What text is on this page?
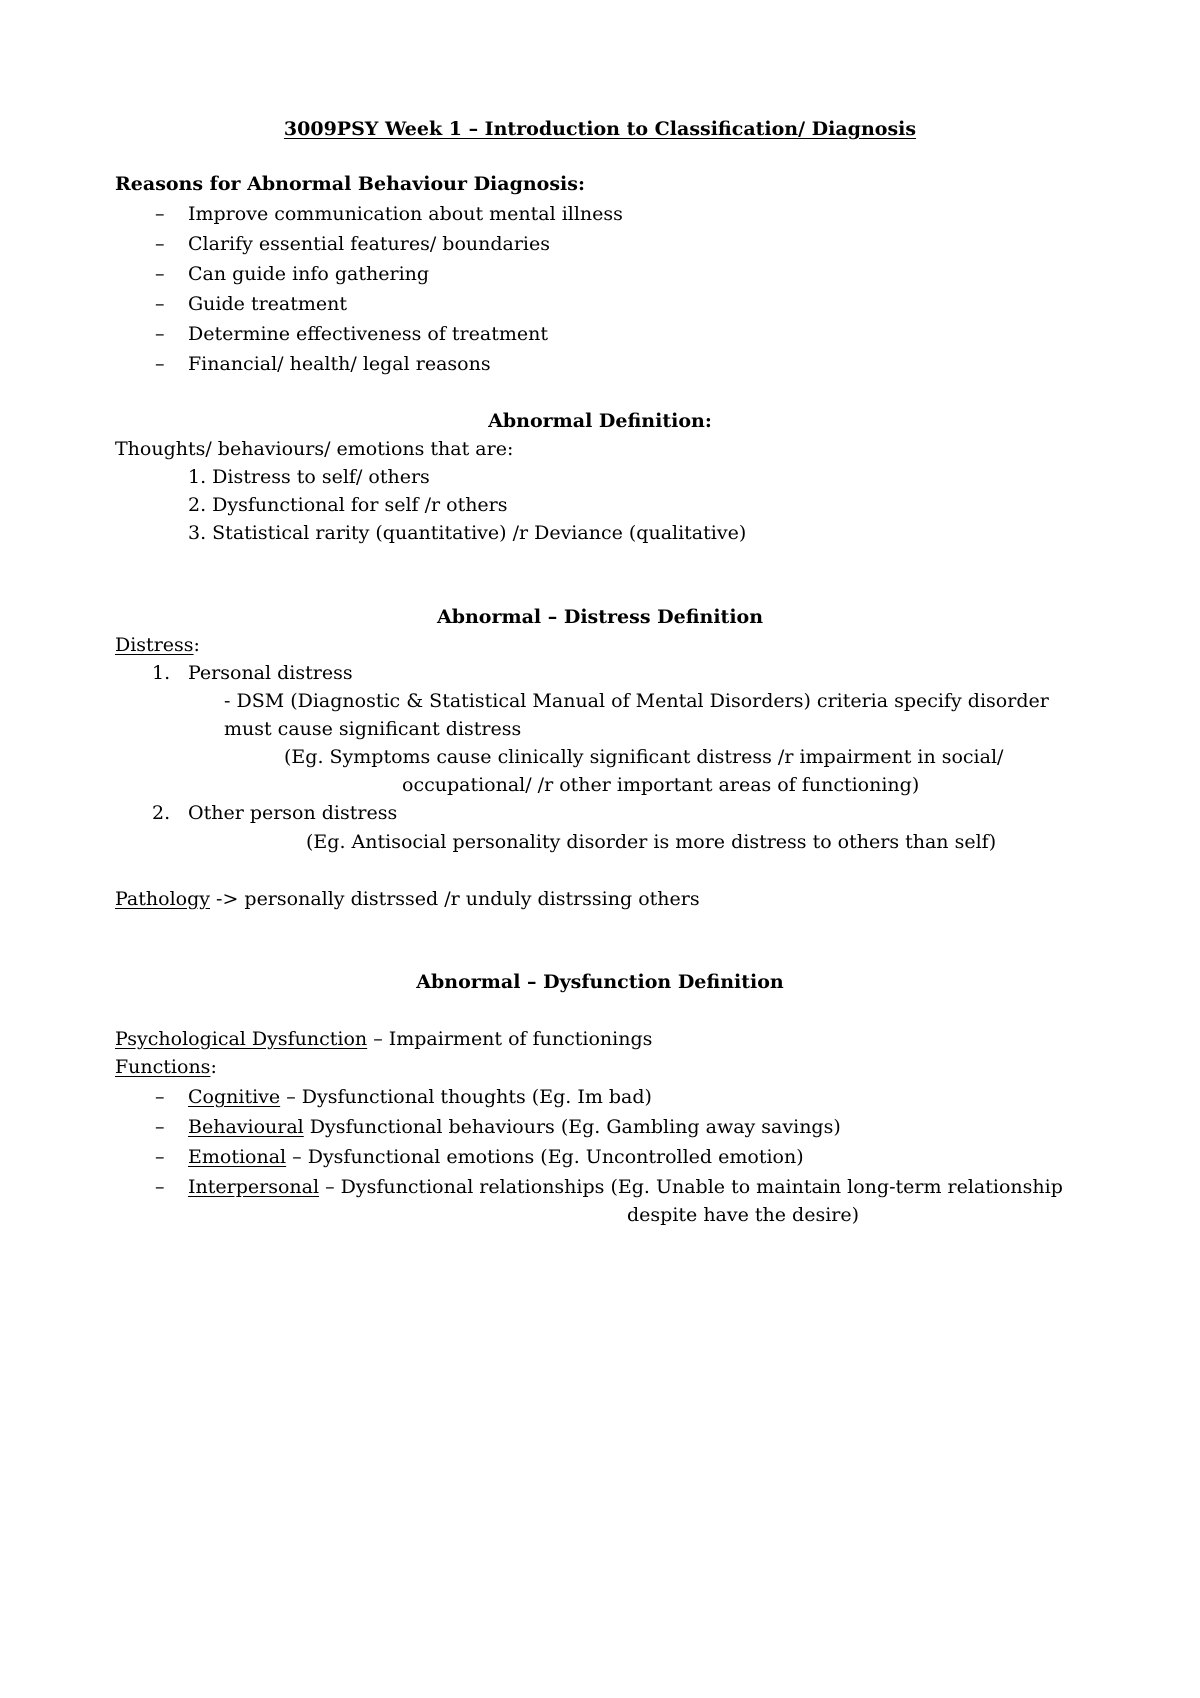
3009PSY Week 1 – Introduction to Classification/ Diagnosis
Reasons for Abnormal Behaviour Diagnosis:
– Improve communication about mental illness
– Clarify essential features/ boundaries
– Can guide info gathering
– Guide treatment
– Determine effectiveness of treatment
– Financial/ health/ legal reasons
Abnormal Definition:
Thoughts/ behaviours/ emotions that are:
1. Distress to self/ others
2. Dysfunctional for self /r others
3. Statistical rarity (quantitative) /r Deviance (qualitative)
Abnormal – Distress Definition
Distress:
1. Personal distress
- DSM (Diagnostic & Statistical Manual of Mental Disorders) criteria specify disorder
must cause significant distress
(Eg. Symptoms cause clinically significant distress /r impairment in social/
occupational/ /r other important areas of functioning)
2. Other person distress
(Eg. Antisocial personality disorder is more distress to others than self)
Pathology -> personally distrssed /r unduly distrssing others
Abnormal – Dysfunction Definition
Psychological Dysfunction – Impairment of functionings
Functions:
– Cognitive – Dysfunctional thoughts (Eg. Im bad)
– Behavioural Dysfunctional behaviours (Eg. Gambling away savings)
– Emotional – Dysfunctional emotions (Eg. Uncontrolled emotion)
– Interpersonal – Dysfunctional relationships (Eg. Unable to maintain long-term relationship
despite have the desire)
